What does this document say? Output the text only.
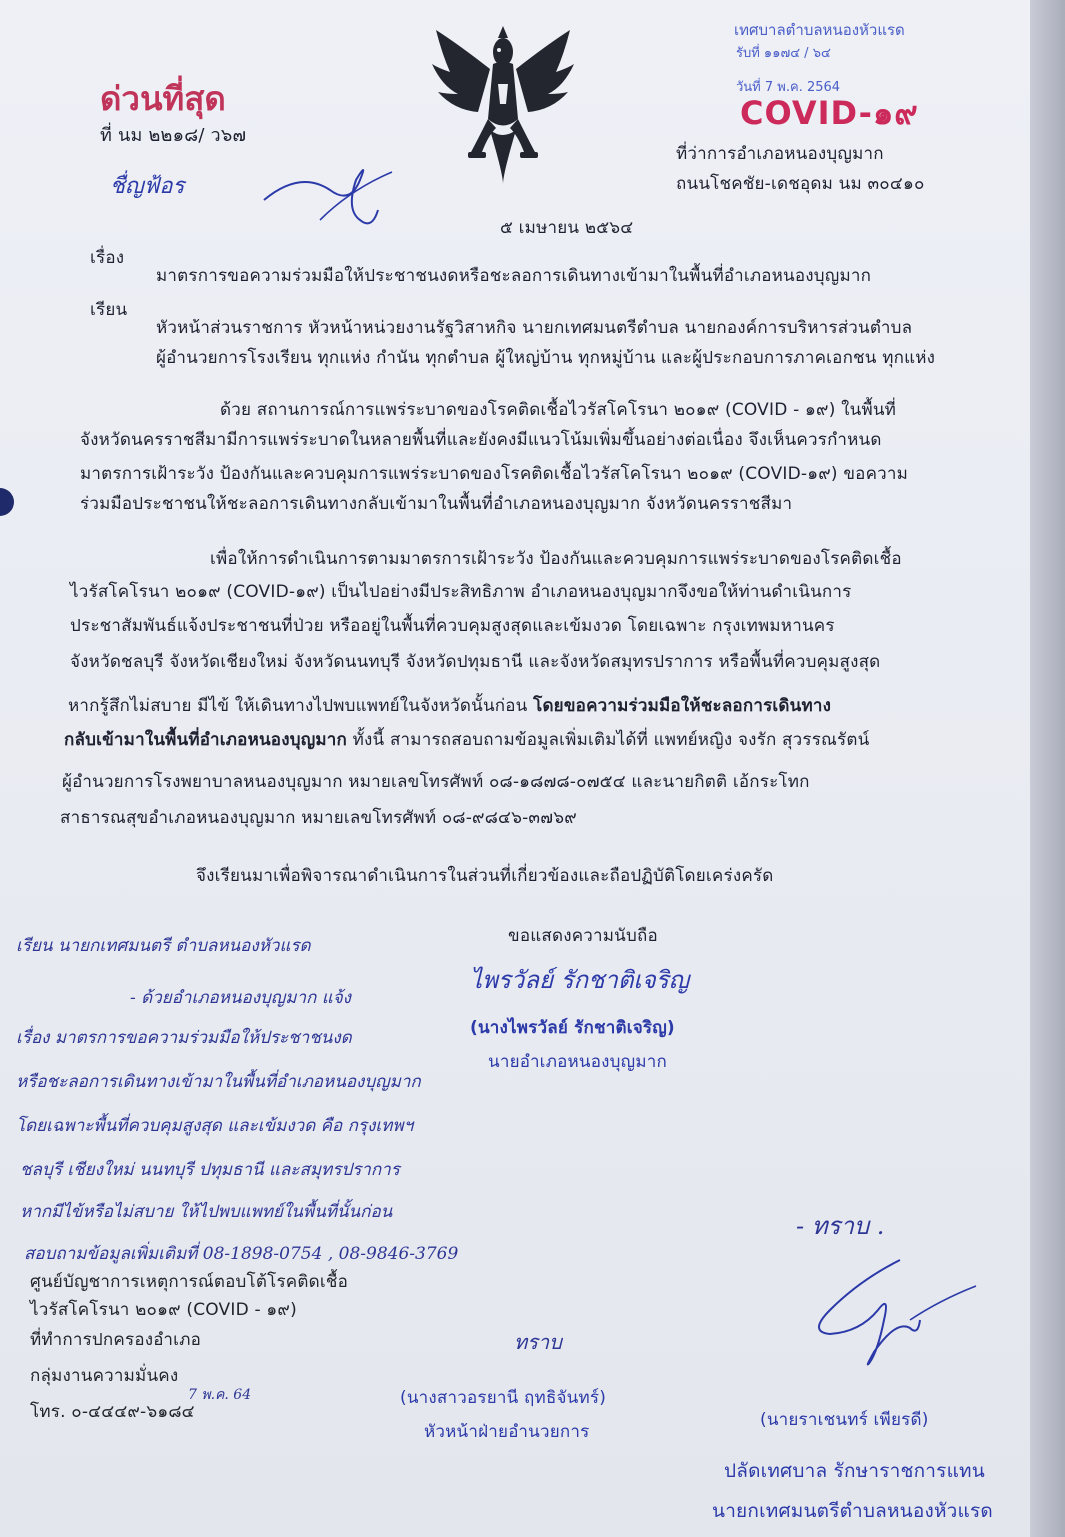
เทศบาลตำบลหนองหัวแรด
รับที่ ๑๑๗๔ / ๖๔
วันที่ 7 พ.ค. 2564
COVID-๑๙
ด่วนที่สุด
ที่ นม ๒๒๑๘/ ว๖๗
ชื่ญฟ้อร
ที่ว่าการอำเภอหนองบุญมาก
ถนนโชคชัย-เดชอุดม นม ๓๐๔๑๐
๕ เมษายน ๒๕๖๔
เรื่อง
มาตรการขอความร่วมมือให้ประชาชนงดหรือชะลอการเดินทางเข้ามาในพื้นที่อำเภอหนองบุญมาก
เรียน
หัวหน้าส่วนราชการ หัวหน้าหน่วยงานรัฐวิสาหกิจ นายกเทศมนตรีตำบล นายกองค์การบริหารส่วนตำบล
ผู้อำนวยการโรงเรียน ทุกแห่ง กำนัน ทุกตำบล ผู้ใหญ่บ้าน ทุกหมู่บ้าน และผู้ประกอบการภาคเอกชน ทุกแห่ง
ด้วย สถานการณ์การแพร่ระบาดของโรคติดเชื้อไวรัสโคโรนา ๒๐๑๙ (COVID - ๑๙) ในพื้นที่
จังหวัดนครราชสีมามีการแพร่ระบาดในหลายพื้นที่และยังคงมีแนวโน้มเพิ่มขึ้นอย่างต่อเนื่อง จึงเห็นควรกำหนด
มาตรการเฝ้าระวัง ป้องกันและควบคุมการแพร่ระบาดของโรคติดเชื้อไวรัสโคโรนา ๒๐๑๙ (COVID-๑๙) ขอความ
ร่วมมือประชาชนให้ชะลอการเดินทางกลับเข้ามาในพื้นที่อำเภอหนองบุญมาก จังหวัดนครราชสีมา
เพื่อให้การดำเนินการตามมาตรการเฝ้าระวัง ป้องกันและควบคุมการแพร่ระบาดของโรคติดเชื้อ
ไวรัสโคโรนา ๒๐๑๙ (COVID-๑๙) เป็นไปอย่างมีประสิทธิภาพ อำเภอหนองบุญมากจึงขอให้ท่านดำเนินการ
ประชาสัมพันธ์แจ้งประชาชนที่ป่วย หรืออยู่ในพื้นที่ควบคุมสูงสุดและเข้มงวด โดยเฉพาะ กรุงเทพมหานคร
จังหวัดชลบุรี จังหวัดเชียงใหม่ จังหวัดนนทบุรี จังหวัดปทุมธานี และจังหวัดสมุทรปราการ หรือพื้นที่ควบคุมสูงสุด
หากรู้สึกไม่สบาย มีไข้ ให้เดินทางไปพบแพทย์ในจังหวัดนั้นก่อน โดยขอความร่วมมือให้ชะลอการเดินทาง
กลับเข้ามาในพื้นที่อำเภอหนองบุญมาก ทั้งนี้ สามารถสอบถามข้อมูลเพิ่มเติมได้ที่ แพทย์หญิง จงรัก สุวรรณรัตน์
ผู้อำนวยการโรงพยาบาลหนองบุญมาก หมายเลขโทรศัพท์ ๐๘-๑๘๗๘-๐๗๕๔ และนายกิตติ เอ้กระโทก
สาธารณสุขอำเภอหนองบุญมาก หมายเลขโทรศัพท์ ๐๘-๙๘๔๖-๓๗๖๙
จึงเรียนมาเพื่อพิจารณาดำเนินการในส่วนที่เกี่ยวข้องและถือปฏิบัติโดยเคร่งครัด
ขอแสดงความนับถือ
ไพรวัลย์ รักชาติเจริญ
(นางไพรวัลย์ รักชาติเจริญ)
นายอำเภอหนองบุญมาก
เรียน นายกเทศมนตรี ตำบลหนองหัวแรด
- ด้วยอำเภอหนองบุญมาก แจ้ง
เรื่อง มาตรการขอความร่วมมือให้ประชาชนงด
หรือชะลอการเดินทางเข้ามาในพื้นที่อำเภอหนองบุญมาก
โดยเฉพาะพื้นที่ควบคุมสูงสุด และเข้มงวด คือ กรุงเทพฯ
ชลบุรี เชียงใหม่ นนทบุรี ปทุมธานี และสมุทรปราการ
หากมีไข้หรือไม่สบาย ให้ไปพบแพทย์ในพื้นที่นั้นก่อน
สอบถามข้อมูลเพิ่มเติมที่ 08-1898-0754 , 08-9846-3769
ศูนย์บัญชาการเหตุการณ์ตอบโต้โรคติดเชื้อ
ไวรัสโคโรนา ๒๐๑๙ (COVID - ๑๙)
ที่ทำการปกครองอำเภอ
กลุ่มงานความมั่นคง
โทร. ๐-๔๔๔๙-๖๑๘๔
ทราบ
7 พ.ค. 64
- ทราบ .
(นางสาวอรยานี ฤทธิจันทร์)
หัวหน้าฝ่ายอำนวยการ
(นายราเชนทร์ เพียรดี)
ปลัดเทศบาล รักษาราชการแทน
นายกเทศมนตรีตำบลหนองหัวแรด
